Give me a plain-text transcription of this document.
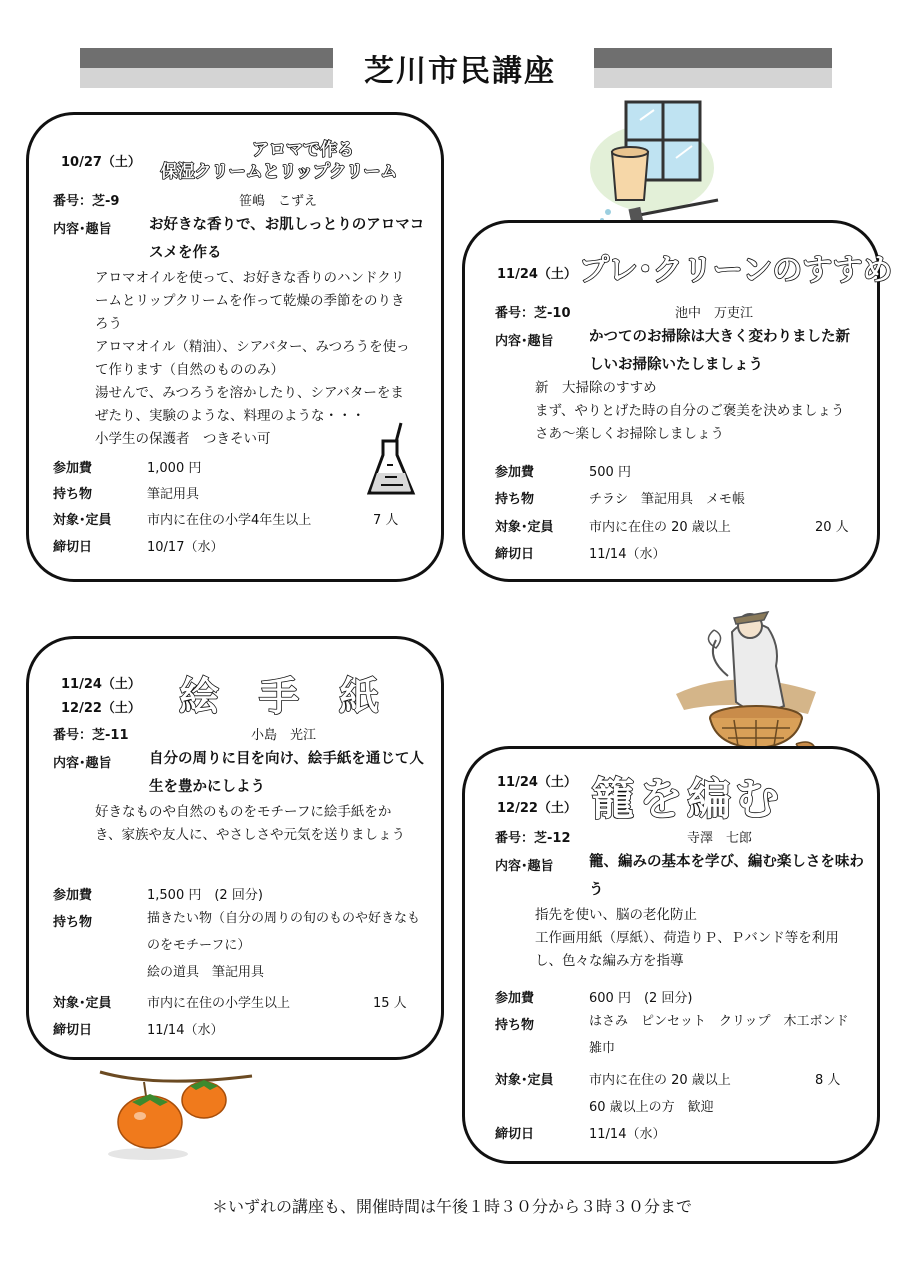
芝川市民講座
10/27（土）
アロマで作る
保湿クリームとリップクリーム
番号：芝-9	笹嶋　こずえ
内容･趣旨	お好きな香りで、お肌しっとりのアロマコスメを作る
アロマオイルを使って、お好きな香りのハンドクリームとリップクリームを作って乾燥の季節をのりきろう
アロマオイル（精油）、シアバター、みつろうを使って作ります（自然のもののみ）
湯せんで、みつろうを溶かしたり、シアバターをまぜたり、実験のような、料理のような・・・
小学生の保護者　つきそい可
参加費	1,000 円
持ち物	筆記用具
対象･定員	市内に在住の小学4年生以上	7 人
締切日	10/17（水）
11/24（土） プレ･クリーンのすすめ
番号：芝-10	池中　万吏江
内容･趣旨 かつてのお掃除は大きく変わりました新しいお掃除いたしましょう
新　大掃除のすすめ
まず、やりとげた時の自分のご褒美を決めましょう
さあ～楽しくお掃除しましょう
参加費	500 円
持ち物	チラシ　筆記用具　メモ帳
対象･定員	市内に在住の 20 歳以上	20 人
締切日	11/14（水）
11/24（土）
12/22（土） 絵　手　紙
番号：芝-11	小島　光江
内容･趣旨	自分の周りに目を向け、絵手紙を通じて人生を豊かにしよう
好きなものや自然のものをモチーフに絵手紙をかき、家族や友人に、やさしさや元気を送りましょう
参加費	1,500 円　(2 回分)
持ち物	描きたい物（自分の周りの旬のものや好きなものをモチーフに）
絵の道具　筆記用具
対象･定員	市内に在住の小学生以上	15 人
締切日	11/14（水）
11/24（土）
12/22（土） 籠を編む
番号：芝-12	寺澤　七郎
内容･趣旨 籠、編みの基本を学び、編む楽しさを味わう
指先を使い、脳の老化防止
工作画用紙（厚紙）、荷造りＰ、Ｐバンド等を利用し、色々な編み方を指導
参加費	600 円　(2 回分)
持ち物	はさみ　ピンセット　クリップ　木工ボンド　雑巾
対象･定員	市内に在住の 20 歳以上	8 人
60 歳以上の方　歓迎
締切日	11/14（水）
＊いずれの講座も、開催時間は午後１時３０分から３時３０分まで
